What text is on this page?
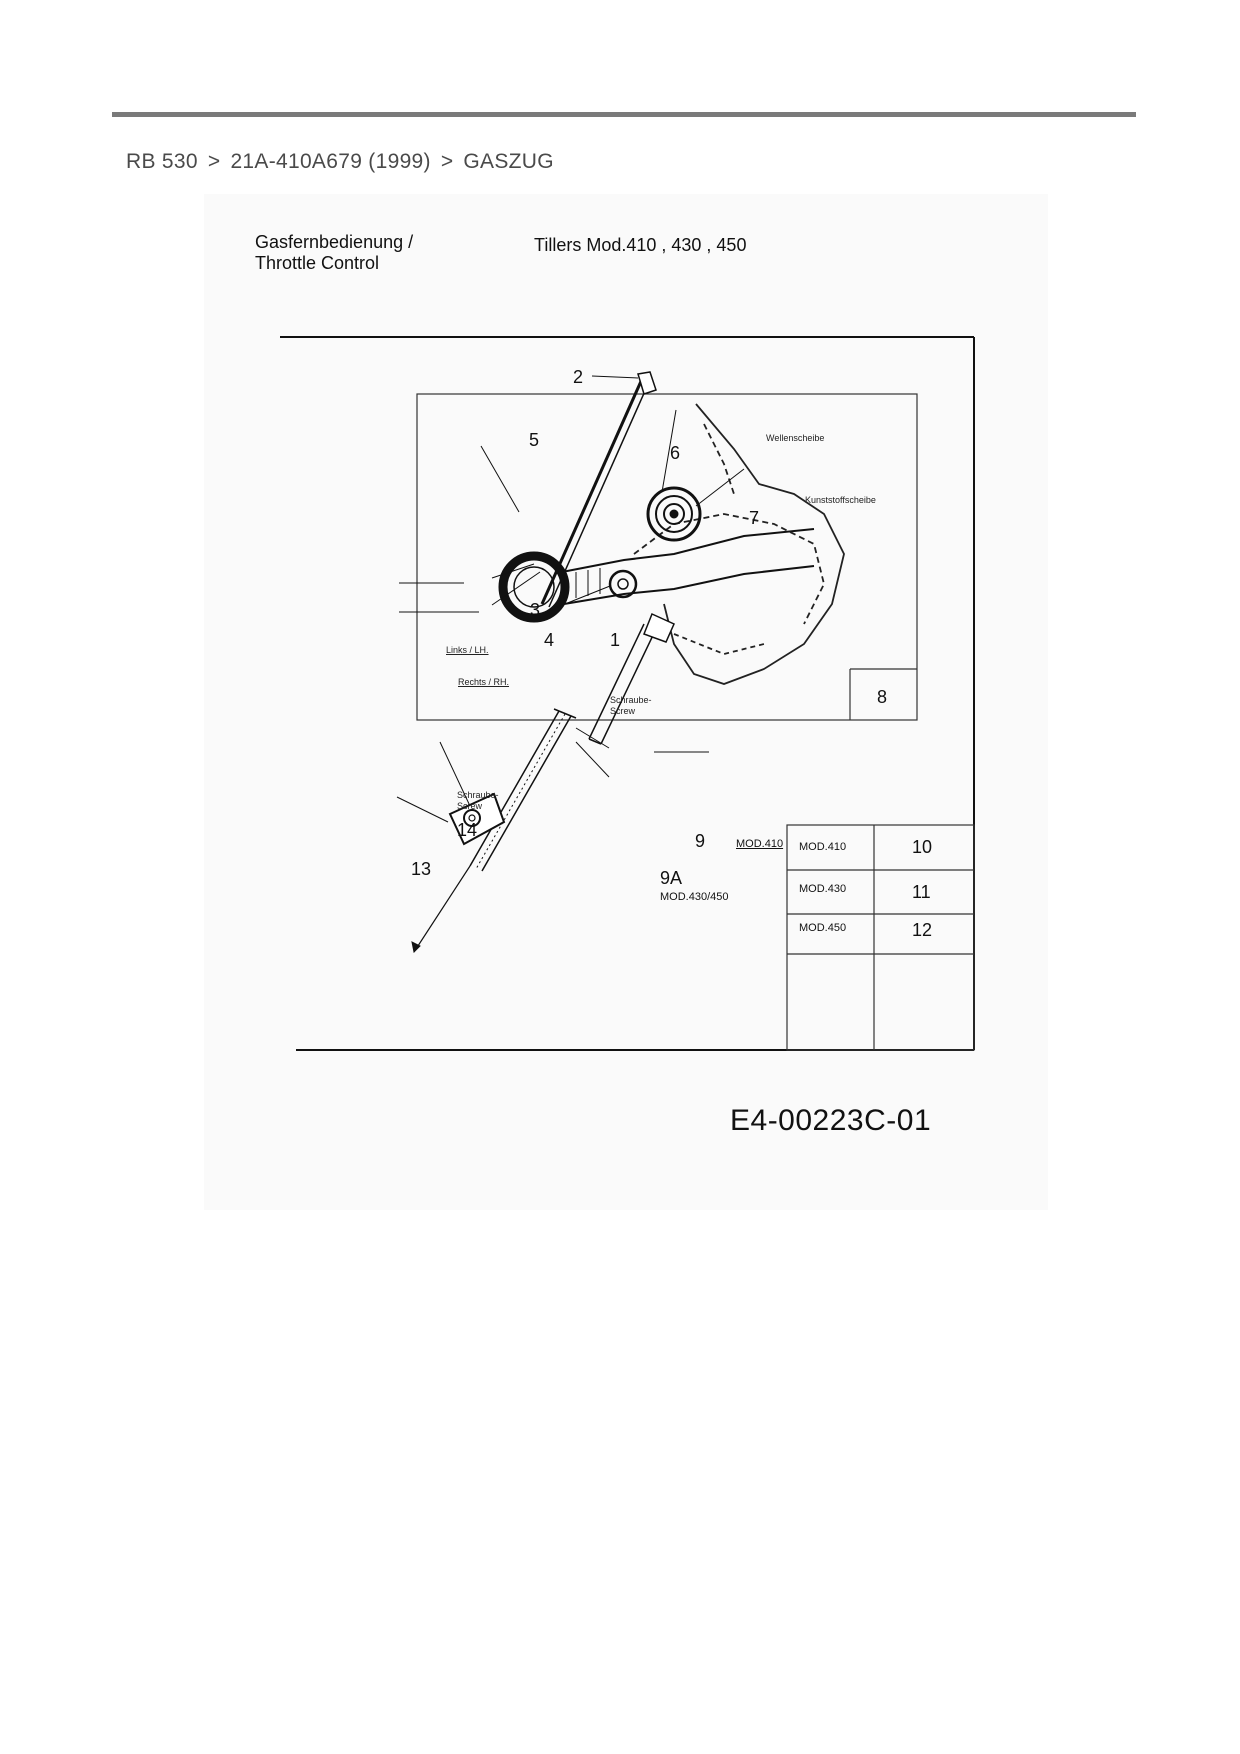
RB 530 > 21A-410A679 (1999) > GASZUG
Gasfernbedienung /
Throttle Control
Tillers Mod.410 , 430 , 450
2
6
5
7
3
4	1
8
14
13
9
9A
Wellenscheibe
Kunststoffscheibe
Links / LH.
Rechts / RH.
Schraube-
Screw
Schraube-
Screw
MOD.410
MOD.430/450
MOD.410	10
MOD.430	11
MOD.450	12
E4-00223C-01
